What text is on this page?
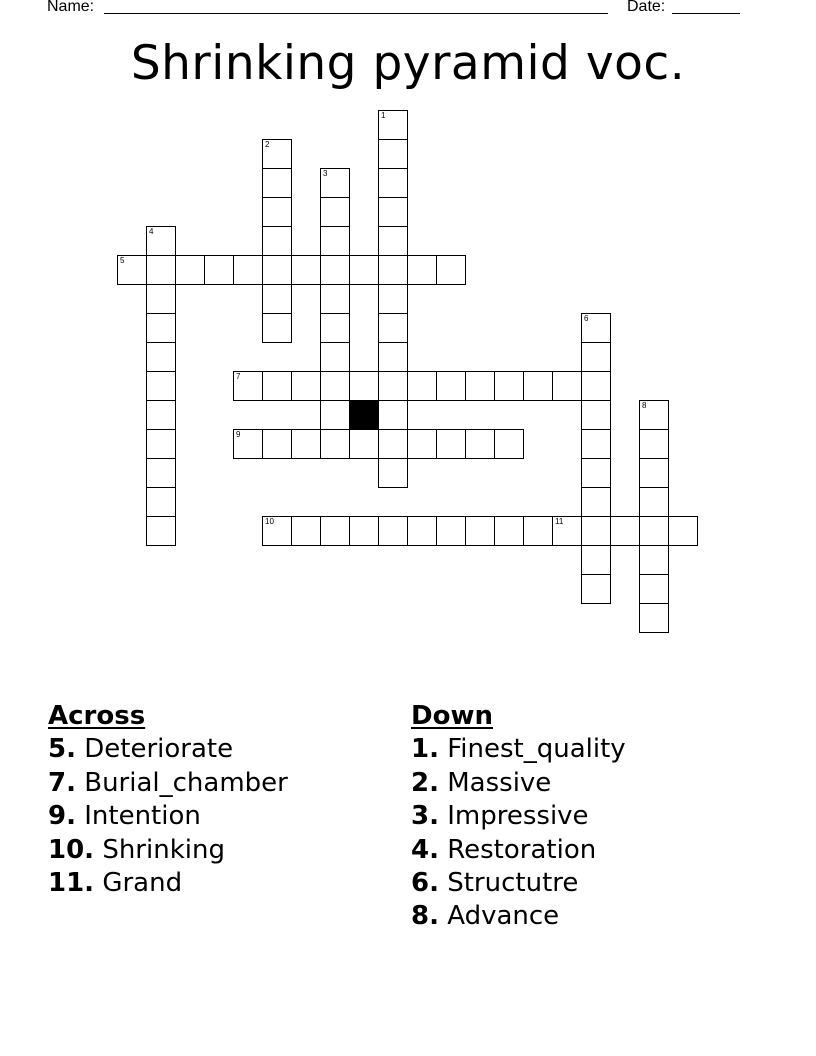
Name:	Date:
Shrinking pyramid voc.
1
2
3
4
5
6
7
8
9
10	11
Across
5. Deteriorate
7. Burial_chamber
9. Intention
10. Shrinking
11. Grand
Down
1. Finest_quality
2. Massive
3. Impressive
4. Restoration
6. Structutre
8. Advance
